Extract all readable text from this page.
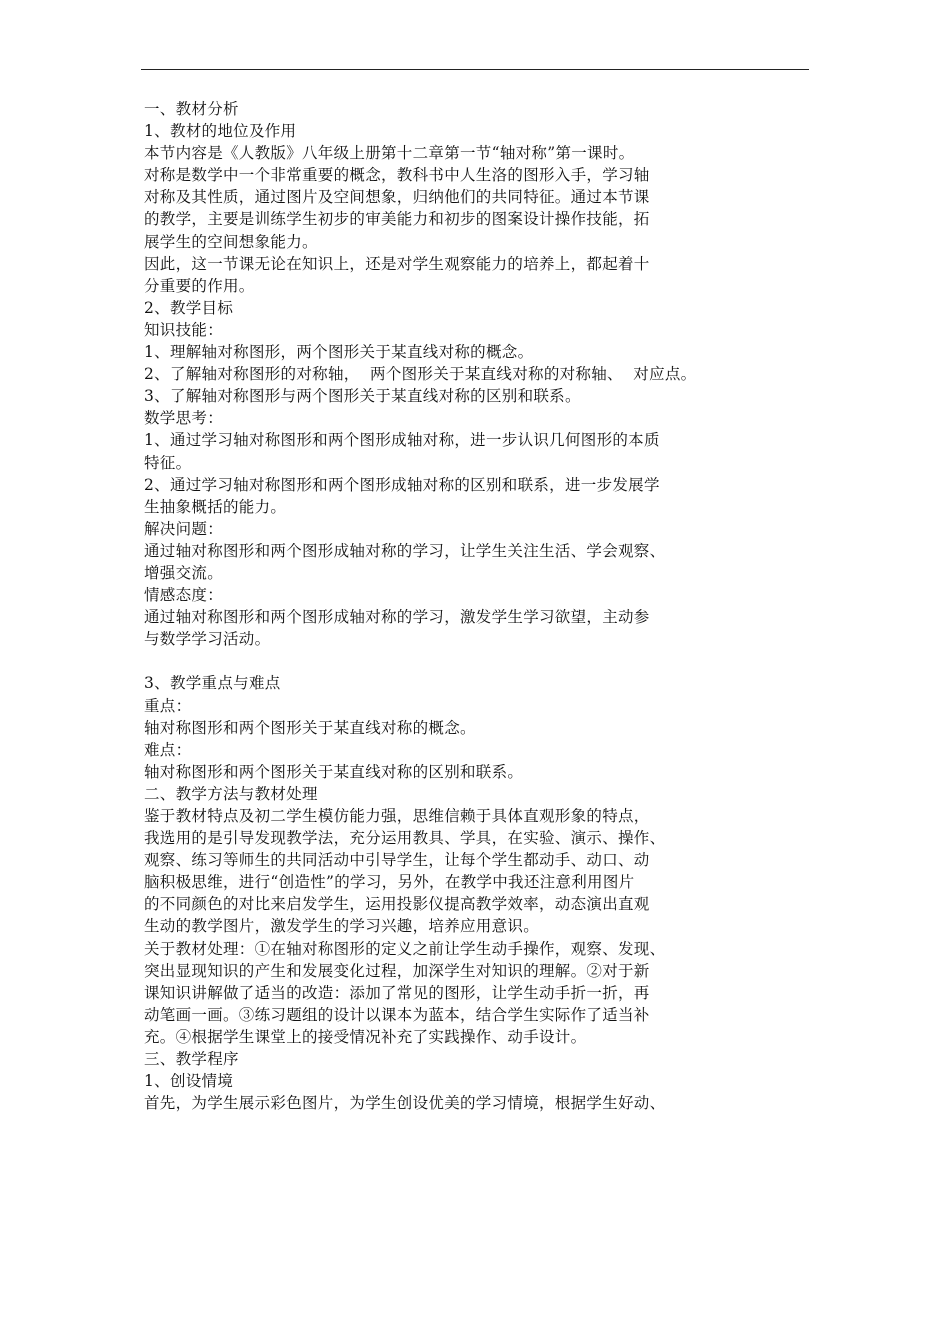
一、教材分析
1、教材的地位及作用
本节内容是《人教版》八年级上册第十二章第一节“轴对称”第一课时。
对称是数学中一个非常重要的概念，教科书中人生洛的图形入手，学习轴
对称及其性质，通过图片及空间想象，归纳他们的共同特征。通过本节课
的教学，主要是训练学生初步的审美能力和初步的图案设计操作技能，拓
展学生的空间想象能力。
因此，这一节课无论在知识上，还是对学生观察能力的培养上，都起着十
分重要的作用。
2、教学目标
知识技能：
1、理解轴对称图形，两个图形关于某直线对称的概念。
2、了解轴对称图形的对称轴，  两个图形关于某直线对称的对称轴、  对应点。
3、了解轴对称图形与两个图形关于某直线对称的区别和联系。
数学思考：
1、通过学习轴对称图形和两个图形成轴对称，进一步认识几何图形的本质
特征。
2、通过学习轴对称图形和两个图形成轴对称的区别和联系，进一步发展学
生抽象概括的能力。
解决问题：
通过轴对称图形和两个图形成轴对称的学习，让学生关注生活、学会观察、
增强交流。
情感态度：
通过轴对称图形和两个图形成轴对称的学习，激发学生学习欲望，主动参
与数学学习活动。
3、教学重点与难点
重点：
轴对称图形和两个图形关于某直线对称的概念。
难点：
轴对称图形和两个图形关于某直线对称的区别和联系。
二、教学方法与教材处理
鉴于教材特点及初二学生模仿能力强，思维信赖于具体直观形象的特点，
我选用的是引导发现教学法，充分运用教具、学具，在实验、演示、操作、
观察、练习等师生的共同活动中引导学生，让每个学生都动手、动口、动
脑积极思维，进行“创造性”的学习，另外，在教学中我还注意利用图片
的不同颜色的对比来启发学生，运用投影仪提高教学效率，动态演出直观
生动的教学图片，激发学生的学习兴趣，培养应用意识。
关于教材处理：①在轴对称图形的定义之前让学生动手操作，观察、发现、
突出显现知识的产生和发展变化过程，加深学生对知识的理解。②对于新
课知识讲解做了适当的改造：添加了常见的图形，让学生动手折一折，再
动笔画一画。③练习题组的设计以课本为蓝本，结合学生实际作了适当补
充。④根据学生课堂上的接受情况补充了实践操作、动手设计。
三、教学程序
1、创设情境
首先，为学生展示彩色图片，为学生创设优美的学习情境，根据学生好动、
